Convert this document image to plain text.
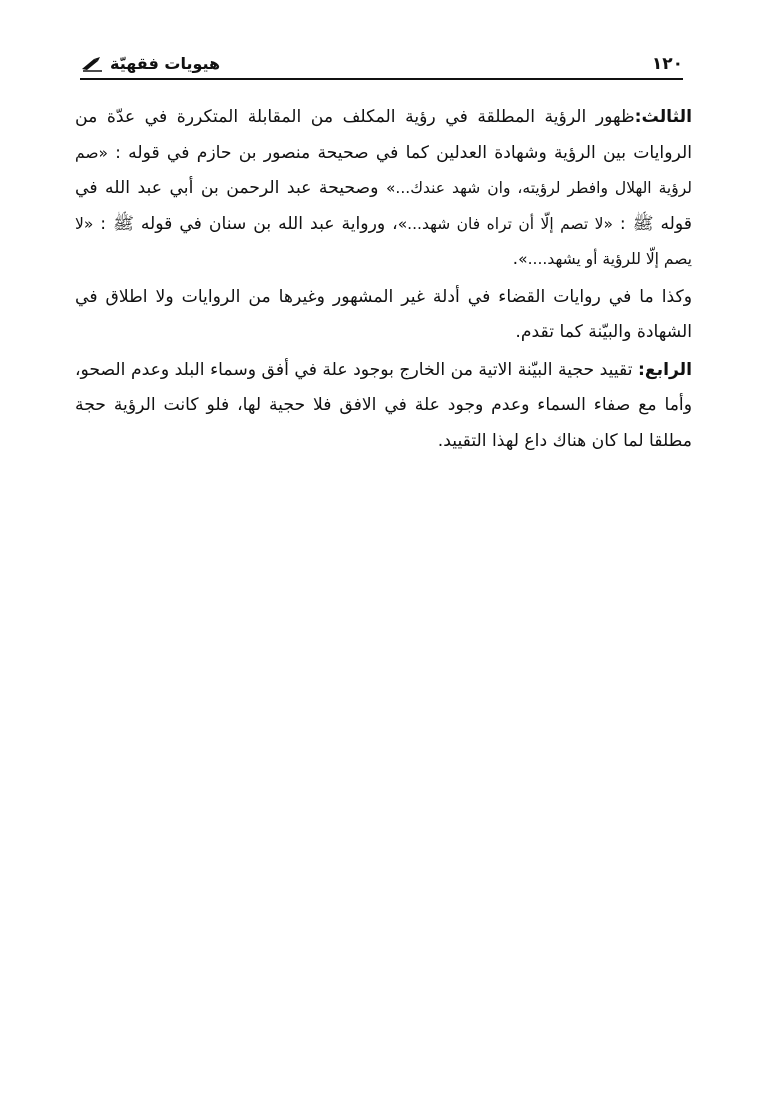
١٢٠
هيويات فقهيّة

الثالث:ظهور الرؤية المطلقة في رؤية المكلف من المقابلة المتكررة في عدّة من الروايات بين الرؤية وشهادة العدلين كما في صحيحة منصور بن حازم في قوله : «صم لرؤية الهلال وافطر لرؤيته، وان شهد عندك...» وصحيحة عبد الرحمن بن أبي عبد الله في قوله ﷺ : «لا تصم إلّا أن تراه فان شهد...»، ورواية عبد الله بن سنان في قوله ﷺ : «لا يصم إلّا للرؤية أو يشهد....».

وكذا ما في روايات القضاء في أدلة غير المشهور وغيرها من الروايات ولا اطلاق في الشهادة والبيّنة كما تقدم.

الرابع: تقييد حجية البيّنة الاتية من الخارج بوجود علة في أفق وسماء البلد وعدم الصحو، وأما مع صفاء السماء وعدم وجود علة في الافق فلا حجية لها، فلو كانت الرؤية حجة مطلقا لما كان هناك داع لهذا التقييد.
